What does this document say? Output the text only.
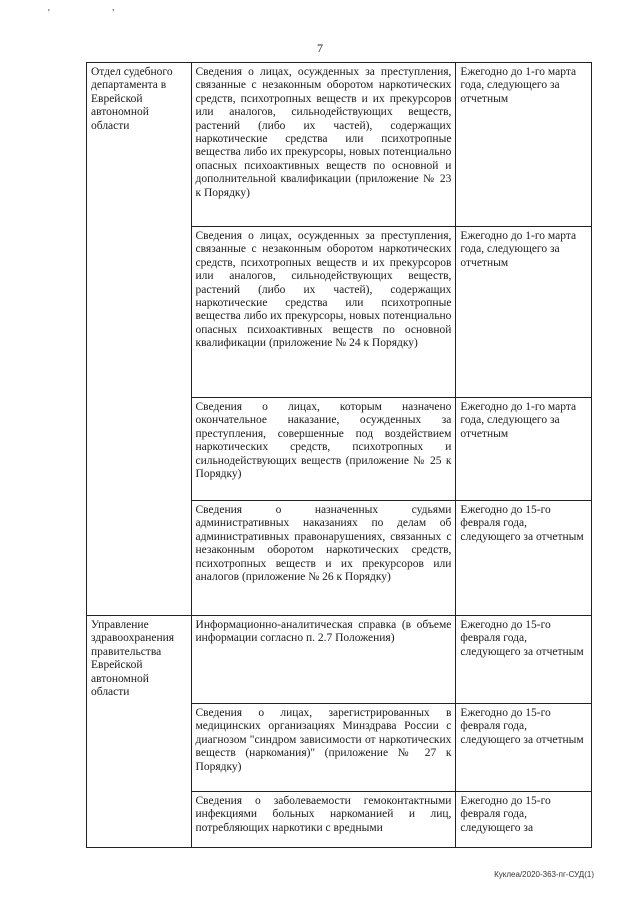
' '
7
Отдел судебного департамента в Еврейской автономной области	Сведения о лицах, осужденных за преступления, связанные с незаконным оборотом наркотических средств, психотропных веществ и их прекурсоров или аналогов, сильнодействующих веществ, растений (либо их частей), содержащих наркотические средства или психотропные вещества либо их прекурсоры, новых потенциально опасных психоактивных веществ по основной и дополнительной квалификации (приложение № 23 к Порядку)	Ежегодно до 1-го марта года, следующего за отчетным

	Сведения о лицах, осужденных за преступления, связанные с незаконным оборотом наркотических средств, психотропных веществ и их прекурсоров или аналогов, сильнодействующих веществ, растений (либо их частей), содержащих наркотические средства или психотропные вещества либо их прекурсоры, новых потенциально опасных психоактивных веществ по основной квалификации (приложение № 24 к Порядку)	Ежегодно до 1-го марта года, следующего за отчетным

	Сведения о лицах, которым назначено окончательное наказание, осужденных за преступления, совершенные под воздействием наркотических средств, психотропных и сильнодействующих веществ (приложение № 25 к Порядку)	Ежегодно до 1-го марта года, следующего за отчетным

	Сведения о назначенных судьями административных наказаниях по делам об административных правонарушениях, связанных с незаконным оборотом наркотических средств, психотропных веществ и их прекурсоров или аналогов (приложение № 26 к Порядку)	Ежегодно до 15-го февраля года, следующего за отчетным

Управление здравоохранения правительства Еврейской автономной области	Информационно-аналитическая справка (в объеме информации согласно п. 2.7 Положения)	Ежегодно до 15-го февраля года, следующего за отчетным

	Сведения о лицах, зарегистрированных в медицинских организациях Минздрава России с диагнозом "синдром зависимости от наркотических веществ (наркомания)" (приложение № 27 к Порядку)	Ежегодно до 15-го февраля года, следующего за отчетным

	Сведения о заболеваемости гемоконтактными инфекциями больных наркоманией и лиц, потребляющих наркотики с вредными	Ежегодно до 15-го февраля года, следующего за
Куклеа/2020-363-пг-СУД(1)
